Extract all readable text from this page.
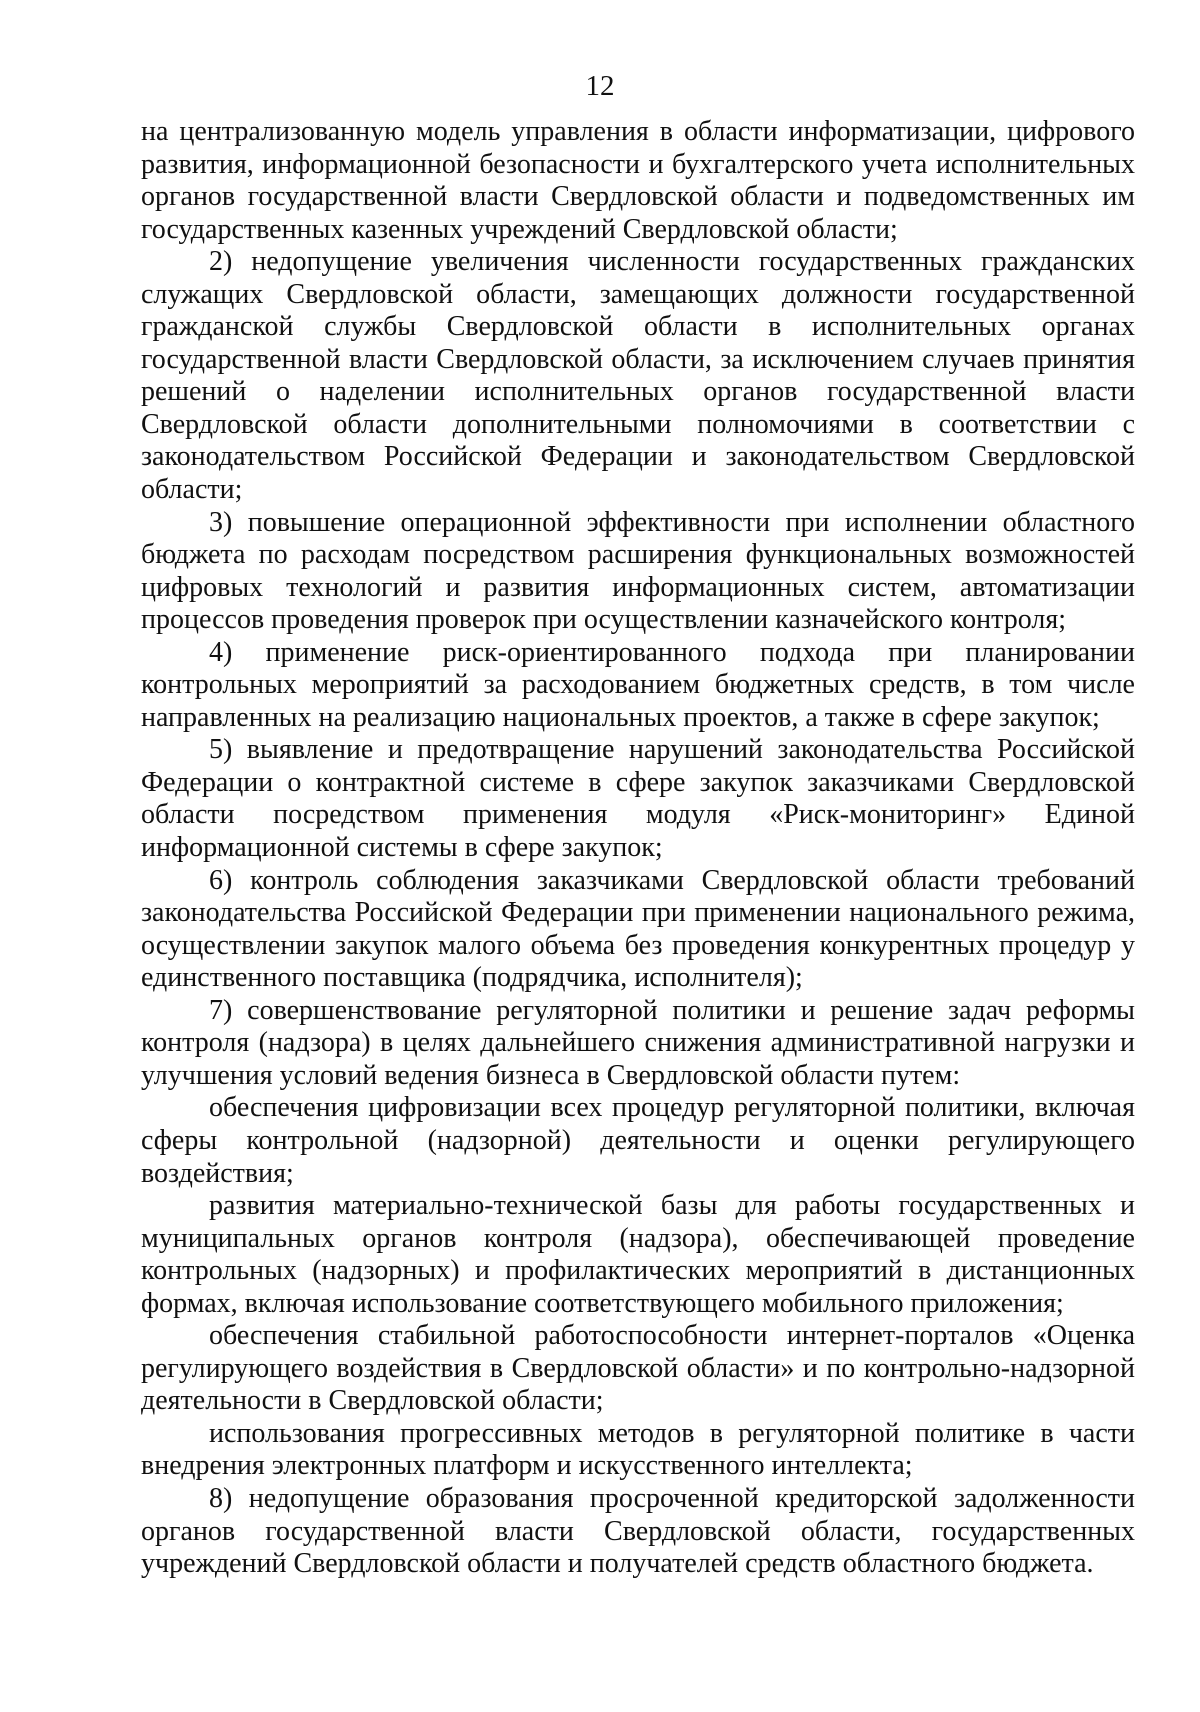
12

на централизованную модель управления в области информатизации, цифрового развития, информационной безопасности и бухгалтерского учета исполнительных органов государственной власти Свердловской области и подведомственных им государственных казенных учреждений Свердловской области;

2) недопущение увеличения численности государственных гражданских служащих Свердловской области, замещающих должности государственной гражданской службы Свердловской области в исполнительных органах государственной власти Свердловской области, за исключением случаев принятия решений о наделении исполнительных органов государственной власти Свердловской области дополнительными полномочиями в соответствии с законодательством Российской Федерации и законодательством Свердловской области;

3) повышение операционной эффективности при исполнении областного бюджета по расходам посредством расширения функциональных возможностей цифровых технологий и развития информационных систем, автоматизации процессов проведения проверок при осуществлении казначейского контроля;

4) применение риск-ориентированного подхода при планировании контрольных мероприятий за расходованием бюджетных средств, в том числе направленных на реализацию национальных проектов, а также в сфере закупок;

5) выявление и предотвращение нарушений законодательства Российской Федерации о контрактной системе в сфере закупок заказчиками Свердловской области посредством применения модуля «Риск-мониторинг» Единой информационной системы в сфере закупок;

6) контроль соблюдения заказчиками Свердловской области требований законодательства Российской Федерации при применении национального режима, осуществлении закупок малого объема без проведения конкурентных процедур у единственного поставщика (подрядчика, исполнителя);

7) совершенствование регуляторной политики и решение задач реформы контроля (надзора) в целях дальнейшего снижения административной нагрузки и улучшения условий ведения бизнеса в Свердловской области путем:

обеспечения цифровизации всех процедур регуляторной политики, включая сферы контрольной (надзорной) деятельности и оценки регулирующего воздействия;

развития материально-технической базы для работы государственных и муниципальных органов контроля (надзора), обеспечивающей проведение контрольных (надзорных) и профилактических мероприятий в дистанционных формах, включая использование соответствующего мобильного приложения;

обеспечения стабильной работоспособности интернет-порталов «Оценка регулирующего воздействия в Свердловской области» и по контрольно-надзорной деятельности в Свердловской области;

использования прогрессивных методов в регуляторной политике в части внедрения электронных платформ и искусственного интеллекта;

8) недопущение образования просроченной кредиторской задолженности органов государственной власти Свердловской области, государственных учреждений Свердловской области и получателей средств областного бюджета.
